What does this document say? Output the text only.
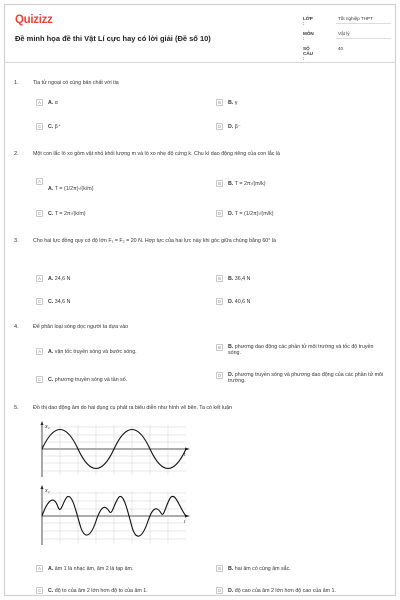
Quizizz
Đề minh họa đề thi Vật Lí cực hay có lời giải (Đề số 10)
LỚP :
Tốt nghiệp THPT
MÔN :
Vật lý
SỐ CÂU :
40
1.	Tia tử ngoại có cùng bản chất với tia
A	A.
α	B	B.
γ
C	C.
β⁺	D	D.
β⁻
2.	Một con lắc lò xo gồm vật nhỏ khối lượng m và lò xo nhẹ độ cứng k. Chu kì dao động riêng của con lắc là
A
A. T = (1/2π)√(k/m)
B	B.
T = 2π√(m/k)
C	C.
T = 2π√(k/m)	D	D.
T = (1/2π)√(m/k)
3.	Cho hai lực đồng quy có độ lớn F₁ = F₂ = 20 N. Hợp lực của hai lực này khi góc giữa chúng bằng 60° là
A	A.
24,6 N	B	B.
36,4 N
C	C.
34,6 N	D	D.
40,6 N
4.	Để phân loại sóng dọc người ta dựa vào
A	A.
vận tốc truyền sóng và bước sóng.
B	B. phương dao động các phần tử môi trường và tốc độ truyền sóng.
C	C.
phương truyền sóng và tần số.
D	D. phương truyền sóng và phương dao động của các phần tử môi trường.
5.	Đồ thị dao động âm do hai dụng cụ phát ra biểu diễn như hình vẽ bên. Ta có kết luận
x₁
t
x₂
t
A	A.
âm 1 là nhạc âm, âm 2 là tạp âm.	B	B.
hai âm có cùng âm sắc.
C	C.
độ to của âm 2 lớn hơn độ to của âm 1.	D	D.
độ cao của âm 2 lớn hơn độ cao của âm 1.
